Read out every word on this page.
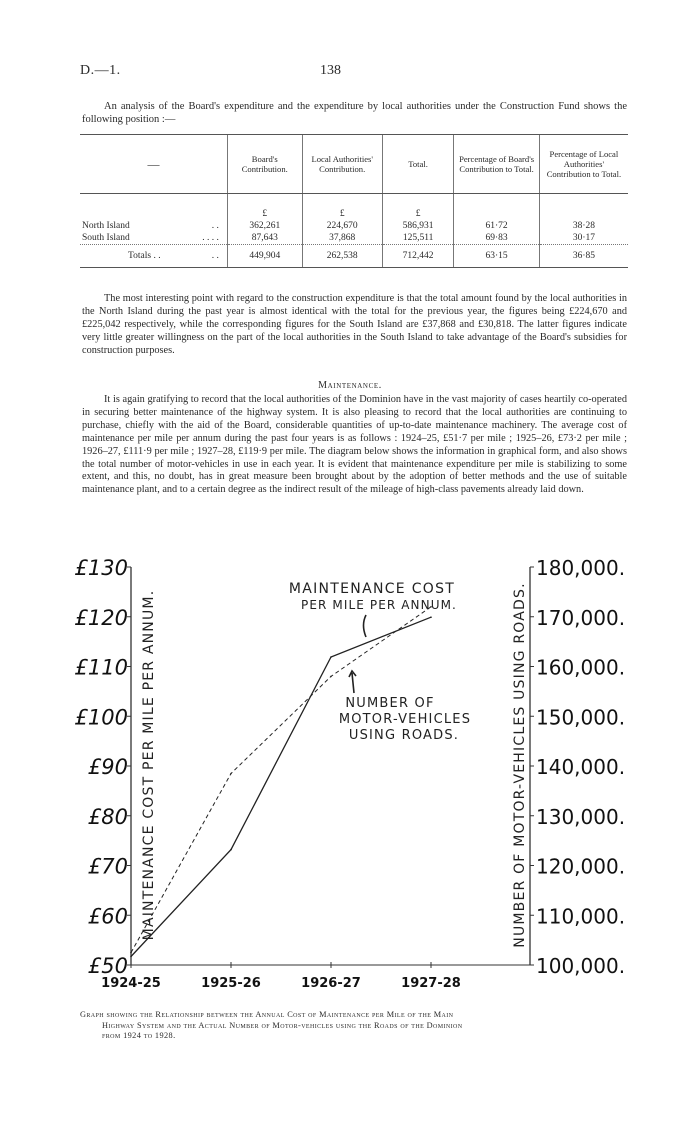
D.—1.	138
An analysis of the Board's expenditure and the expenditure by local authorities under the Construction Fund shows the following position :—
—	Board's Contribution.	Local Authorities' Contribution.	Total.	Percentage of Board's Contribution to Total.	Percentage of Local Authorities' Contribution to Total.

	£	£	£		
North Island . .	362,261	224,670	586,931	61·72	38·28
South Island . . . .	87,643	37,868	125,511	69·83	30·17
Totals . . . .	449,904	262,538	712,442	63·15	36·85
The most interesting point with regard to the construction expenditure is that the total amount found by the local authorities in the North Island during the past year is almost identical with the total for the previous year, the figures being £224,670 and £225,042 respectively, while the corresponding figures for the South Island are £37,868 and £30,818. The latter figures indicate very little greater willingness on the part of the local authorities in the South Island to take advantage of the Board's subsidies for construction purposes.
Maintenance.
It is again gratifying to record that the local authorities of the Dominion have in the vast majority of cases heartily co-operated in securing better maintenance of the highway system. It is also pleasing to record that the local authorities are continuing to purchase, chiefly with the aid of the Board, considerable quantities of up-to-date maintenance machinery. The average cost of maintenance per mile per annum during the past four years is as follows : 1924–25, £51·7 per mile ; 1925–26, £73·2 per mile ; 1926–27, £111·9 per mile ; 1927–28, £119·9 per mile. The diagram below shows the information in graphical form, and also shows the total number of motor-vehicles in use in each year. It is evident that maintenance expenditure per mile is stabilizing to some extent, and this, no doubt, has in great measure been brought about by the adoption of better methods and the use of suitable maintenance plant, and to a certain degree as the indirect result of the mileage of high-class pavements already laid down.
£50
£60
£70
£80
£90
£100
£110
£120
£130
100,000.
110,000.
120,000.
130,000.
140,000.
150,000.
160,000.
170,000.
180,000.
1924-25	1925-26	1926-27	1927-28
MAINTENANCE COST PER MILE PER ANNUM.	NUMBER OF MOTOR-VEHICLES USING ROADS.
MAINTENANCE COST
PER MILE PER ANNUM.
NUMBER OF
MOTOR-VEHICLES
USING ROADS.
Graph showing the Relationship between the Annual Cost of Maintenance per Mile of the Main
Highway System and the Actual Number of Motor-vehicles using the Roads of the Dominion
from 1924 to 1928.
